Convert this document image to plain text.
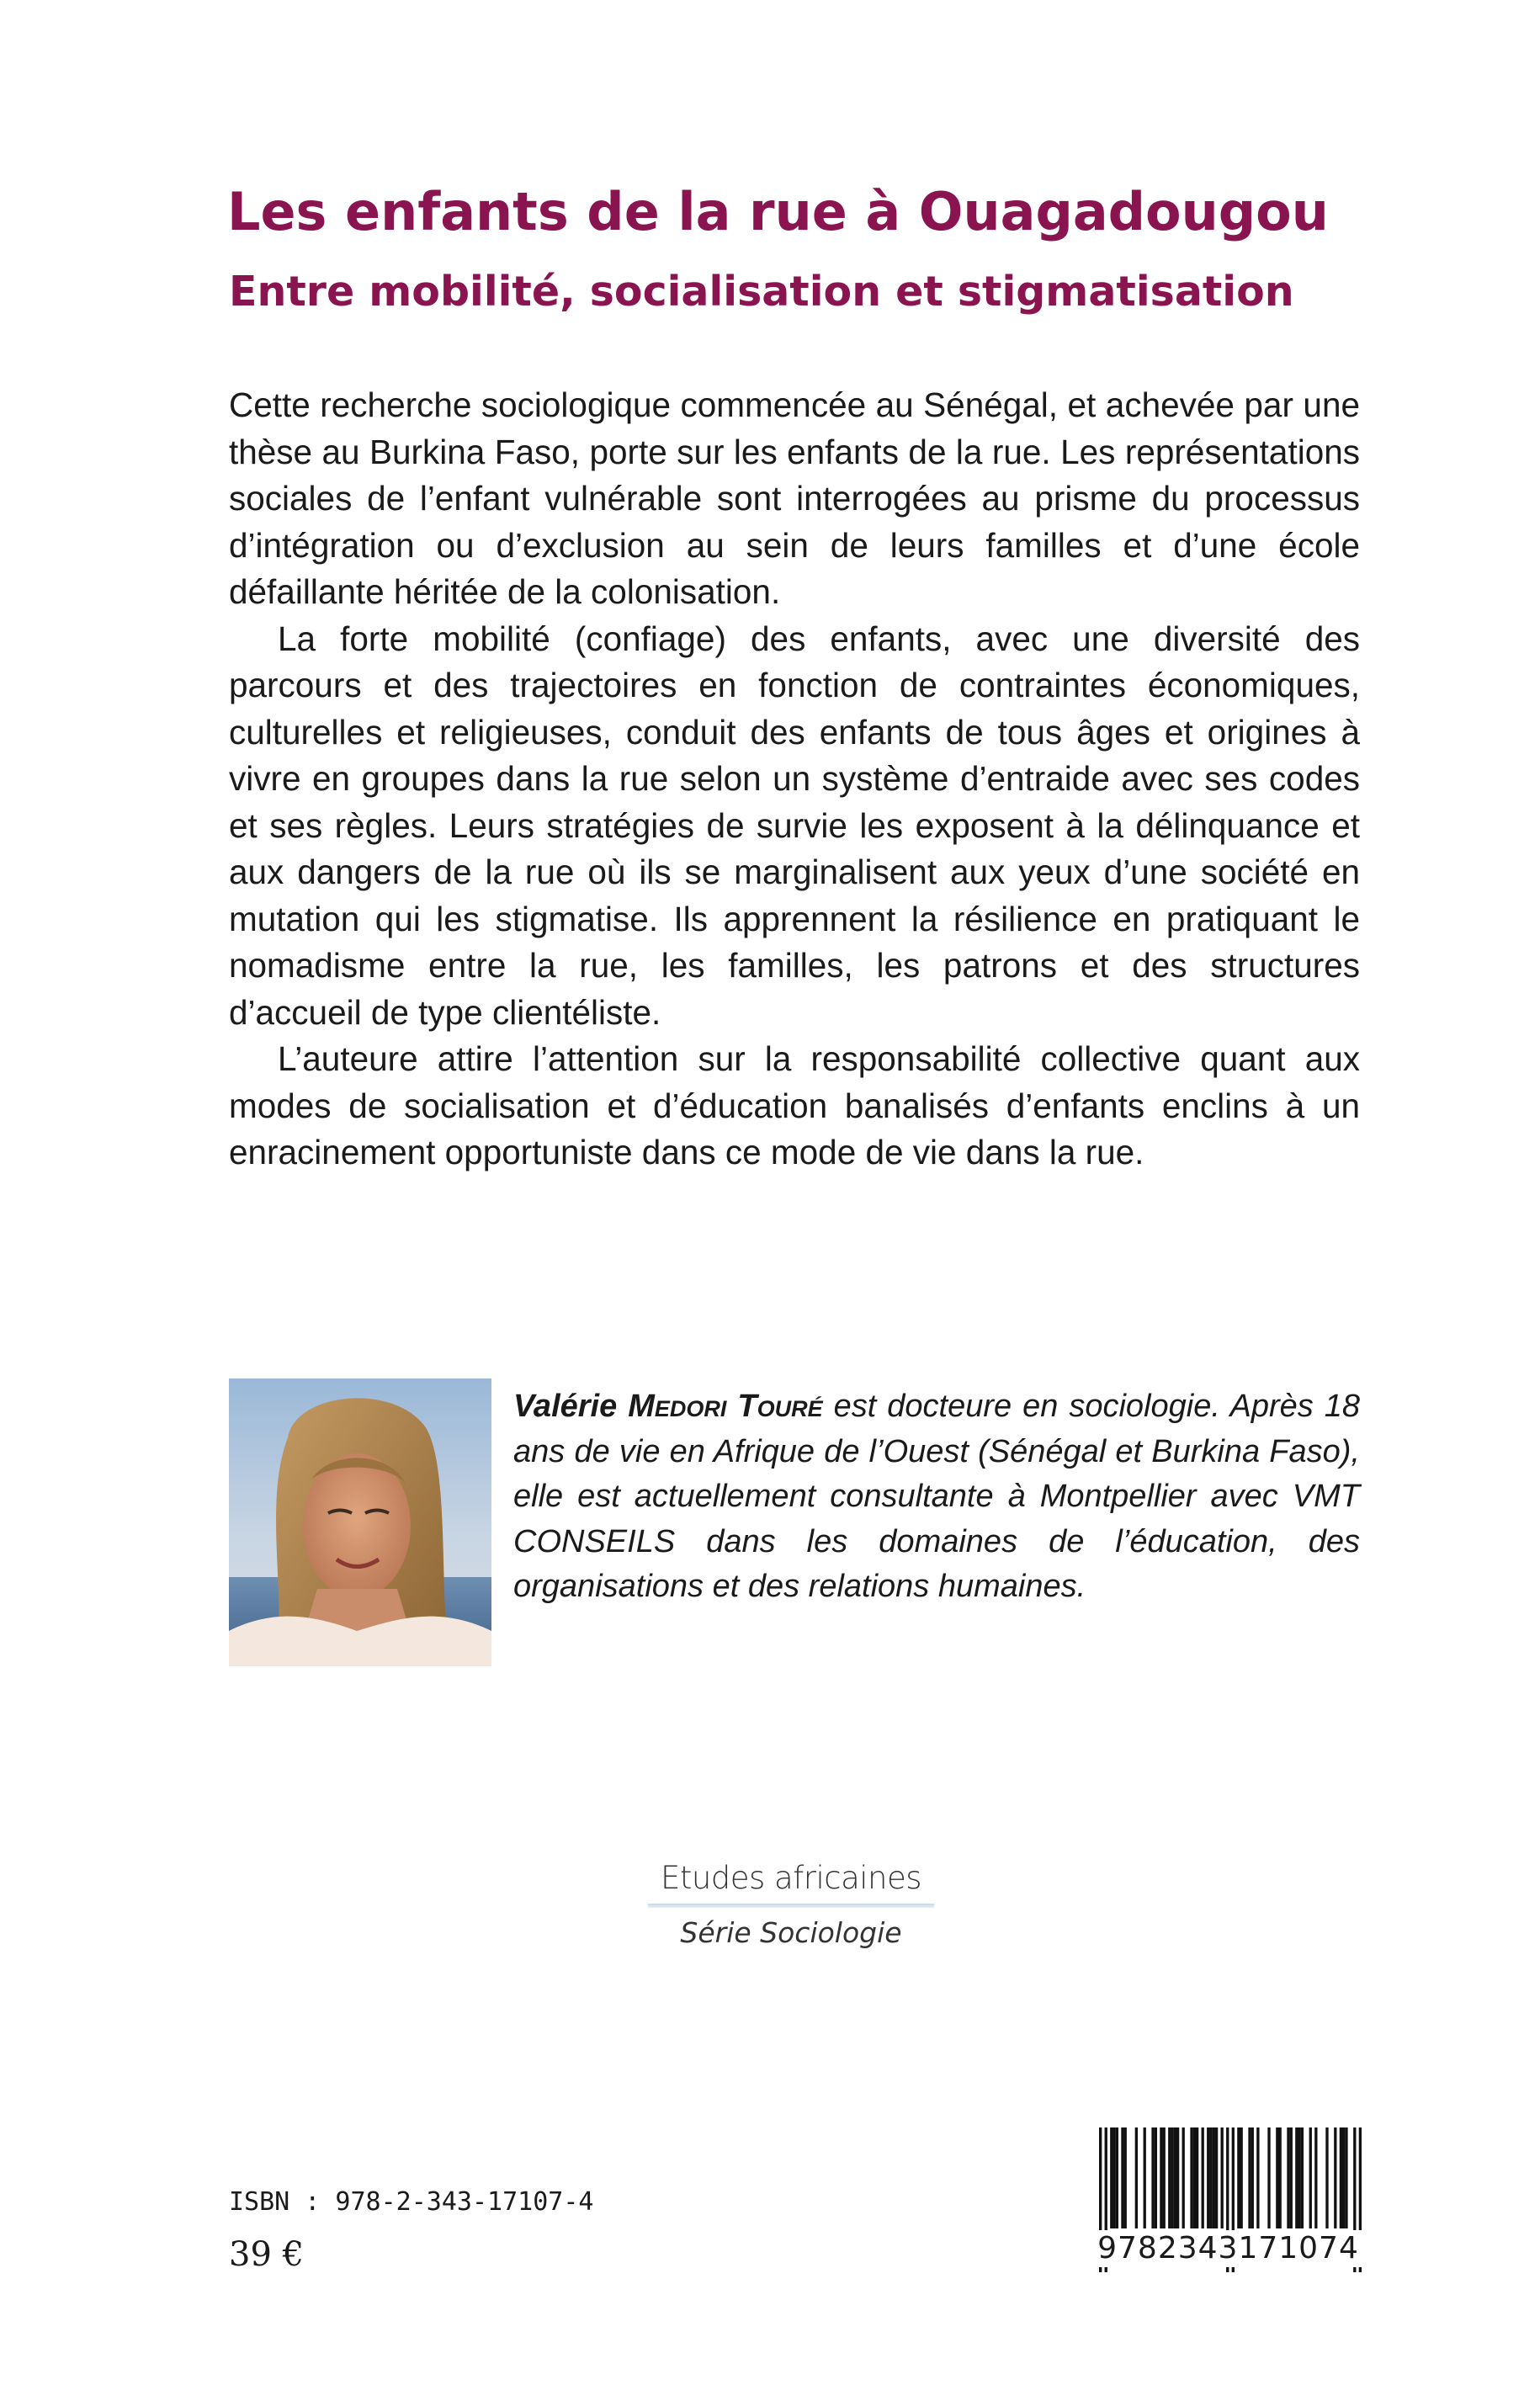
Les enfants de la rue à Ouagadougou
Entre mobilité, socialisation et stigmatisation

Cette recherche sociologique commencée au Sénégal, et achevée par une thèse au Burkina Faso, porte sur les enfants de la rue. Les représentations sociales de l’enfant vulnérable sont interrogées au prisme du processus d’intégration ou d’exclusion au sein de leurs familles et d’une école défaillante héritée de la colonisation.

La forte mobilité (confiage) des enfants, avec une diversité des parcours et des trajectoires en fonction de contraintes économiques, culturelles et religieuses, conduit des enfants de tous âges et origines à vivre en groupes dans la rue selon un système d’entraide avec ses codes et ses règles. Leurs stratégies de survie les exposent à la délinquance et aux dangers de la rue où ils se marginalisent aux yeux d’une société en mutation qui les stigmatise. Ils apprennent la résilience en pratiquant le nomadisme entre la rue, les familles, les patrons et des structures d’accueil de type clientéliste.

L’auteure attire l’attention sur la responsabilité collective quant aux modes de socialisation et d’éducation banalisés d’enfants enclins à un enracinement opportuniste dans ce mode de vie dans la rue.

Valérie Medori Touré est docteure en sociologie. Après 18 ans de vie en Afrique de l’Ouest (Sénégal et Burkina Faso), elle est actuellement consultante à Montpellier avec VMT CONSEILS dans les domaines de l’éducation, des organisations et des relations humaines.

Etudes africaines
Série Sociologie
ISBN : 978-2-343-17107-4
39 €	9782343171074
